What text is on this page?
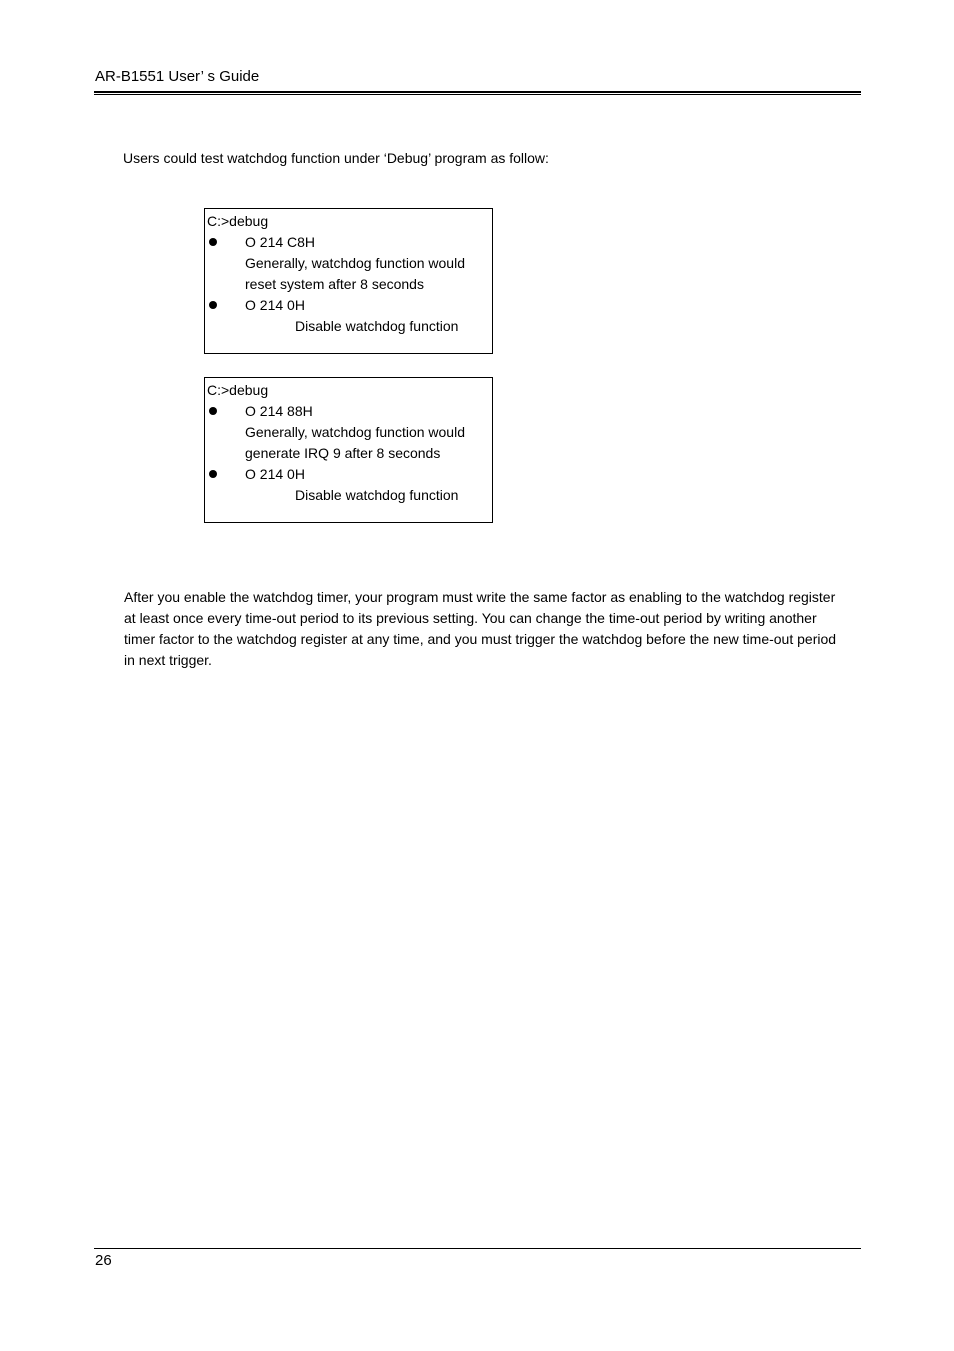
AR-B1551 User’ s Guide
Users could test watchdog function under ‘Debug’ program as follow:
C:>debug
O 214 C8H
Generally, watchdog function would
reset system after 8 seconds
O 214 0H
Disable watchdog function
C:>debug
O 214 88H
Generally, watchdog function would
generate IRQ 9 after 8 seconds
O 214 0H
Disable watchdog function
After you enable the watchdog timer, your program must write the same factor as enabling to the watchdog register
at least once every time-out period to its previous setting. You can change the time-out period by writing another
timer factor to the watchdog register at any time, and you must trigger the watchdog before the new time-out period
in next trigger.
26
